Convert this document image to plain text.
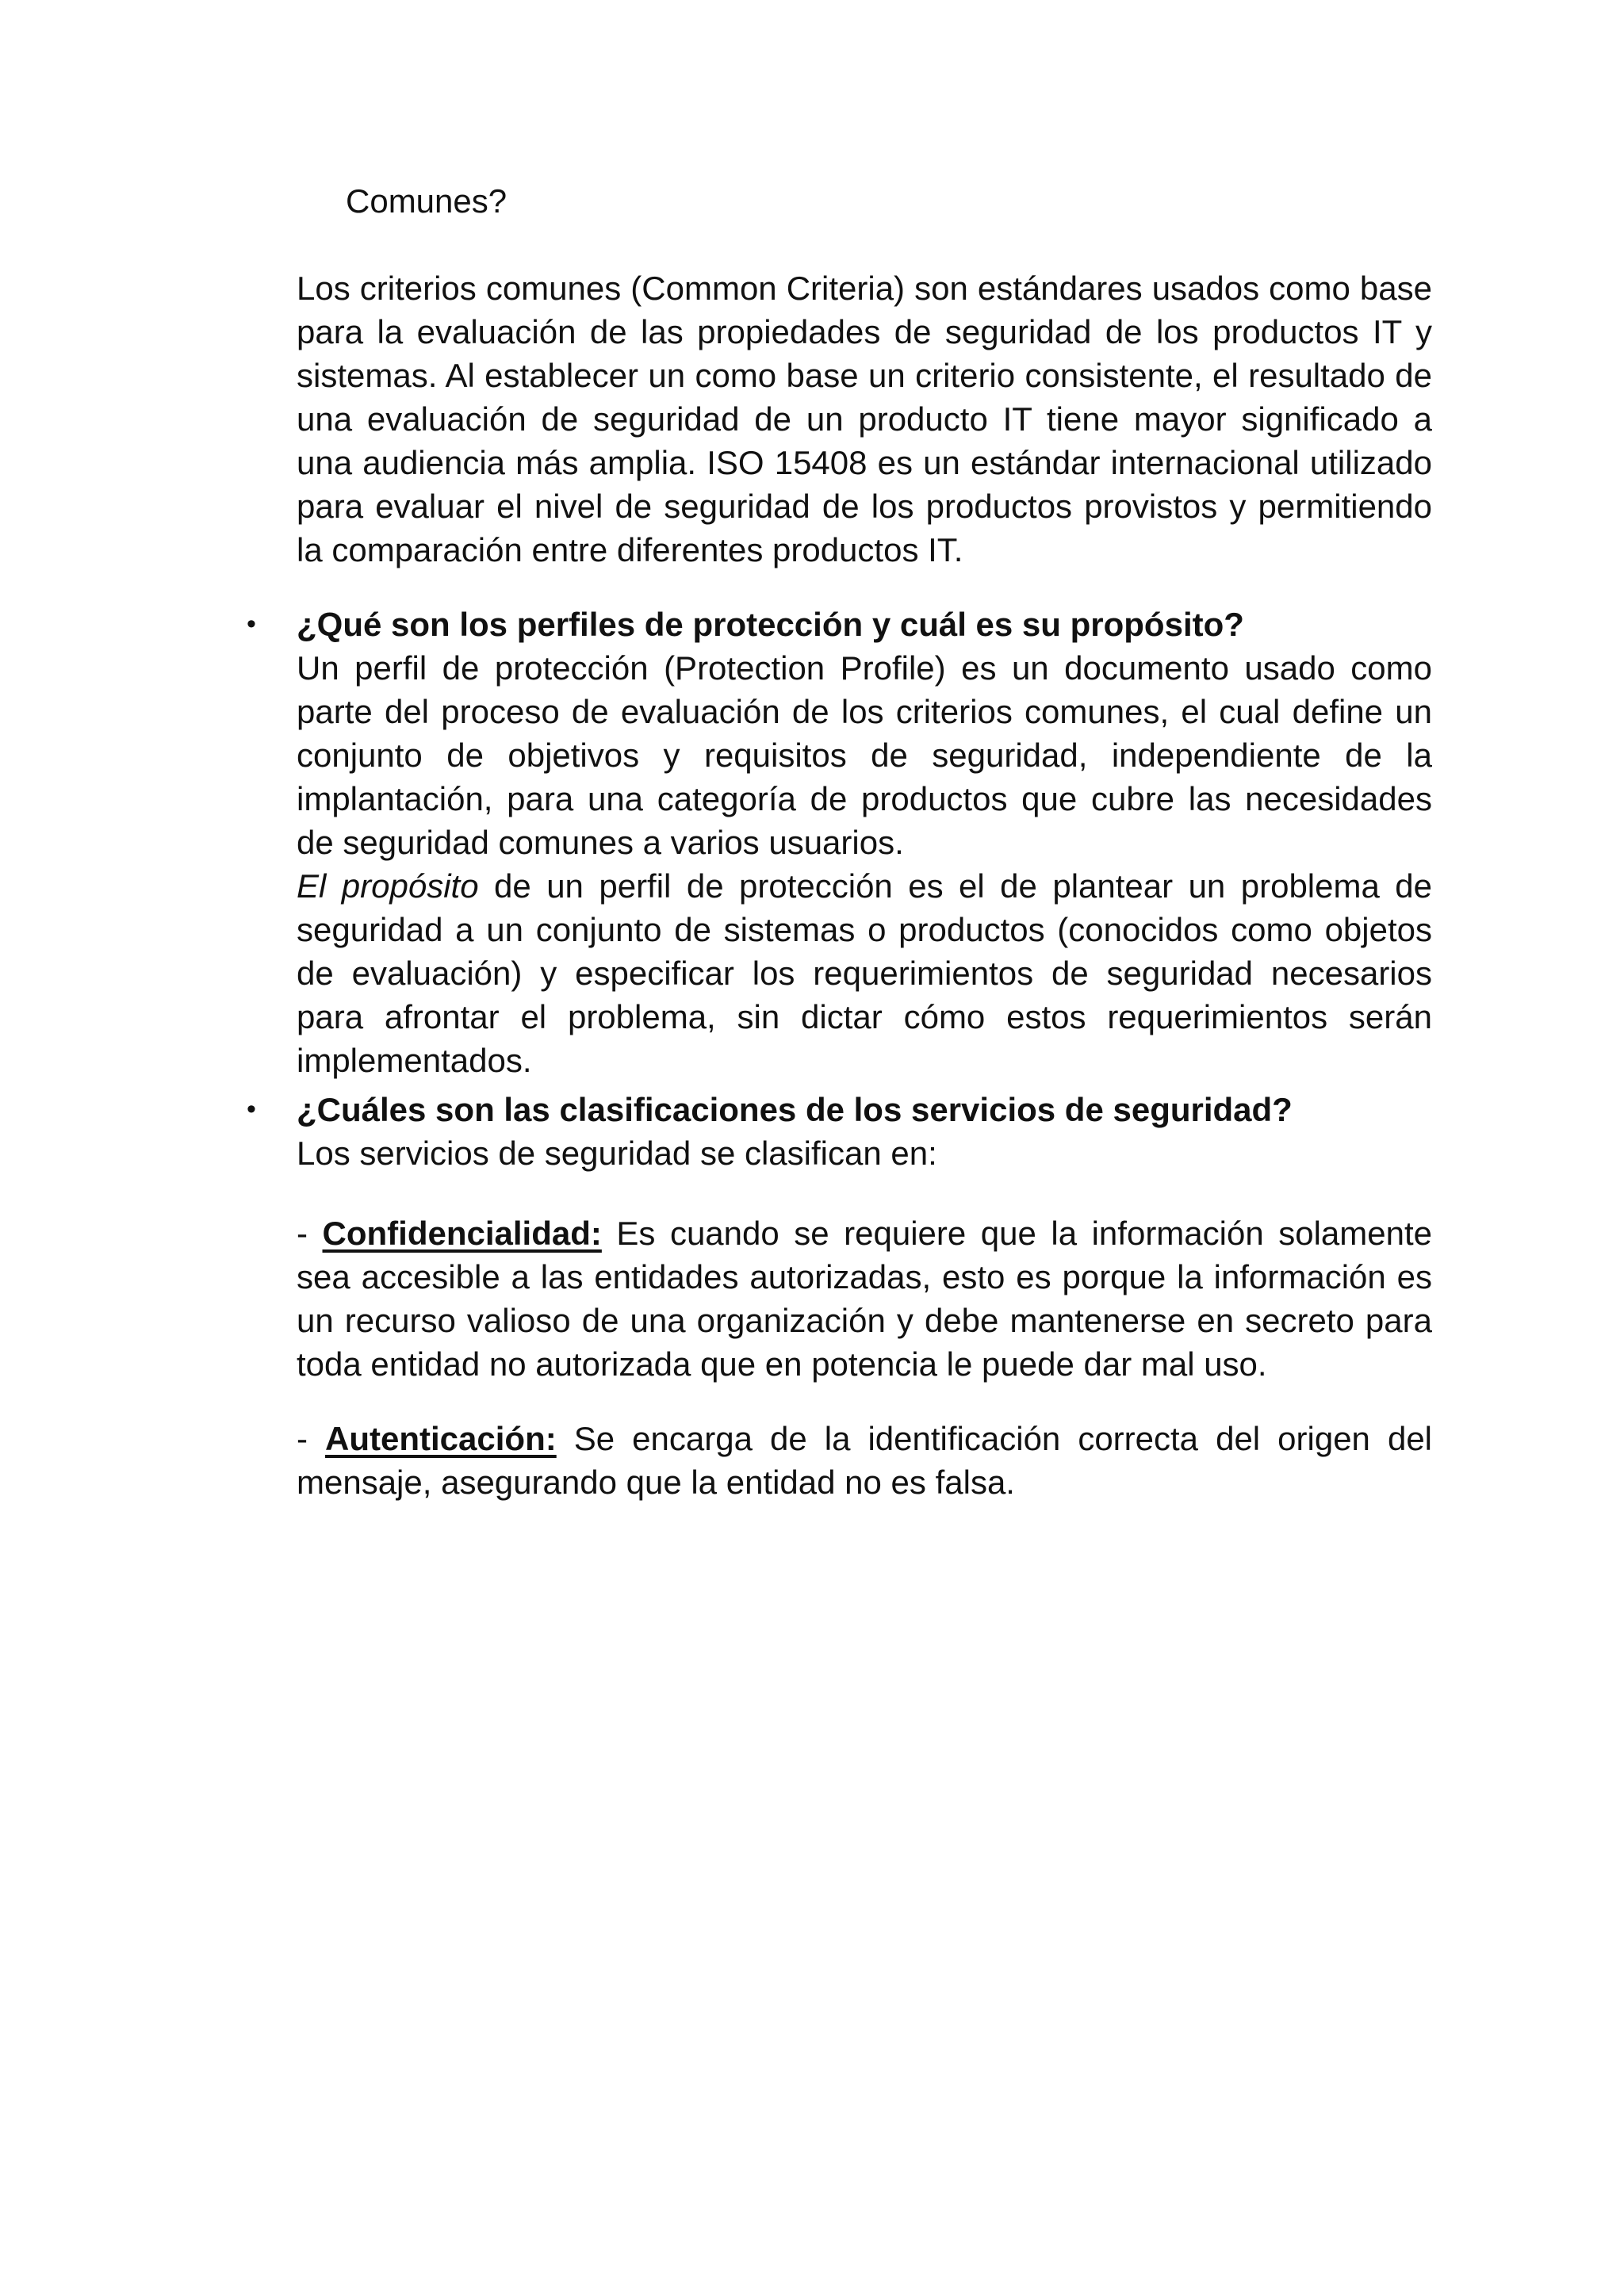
Comunes?

Los criterios comunes (Common Criteria) son estándares usados como base para la evaluación de las propiedades de seguridad de los productos IT y sistemas. Al establecer un como base un criterio consistente, el resultado de una evaluación de seguridad de un producto IT tiene mayor significado a una audiencia más amplia. ISO 15408 es un estándar internacional utilizado para evaluar el nivel de seguridad de los productos provistos y permitiendo la comparación entre diferentes productos IT.

• ¿Qué son los perfiles de protección y cuál es su propósito?

Un perfil de protección (Protection Profile) es un documento usado como parte del proceso de evaluación de los criterios comunes, el cual define un conjunto de objetivos y requisitos de seguridad, independiente de la implantación, para una categoría de productos que cubre las necesidades de seguridad comunes a varios usuarios.

El propósito de un perfil de protección es el de plantear un problema de seguridad a un conjunto de sistemas o productos (conocidos como objetos de evaluación) y especificar los requerimientos de seguridad necesarios para afrontar el problema, sin dictar cómo estos requerimientos serán implementados.

• ¿Cuáles son las clasificaciones de los servicios de seguridad?

Los servicios de seguridad se clasifican en:

- Confidencialidad: Es cuando se requiere que la información solamente sea accesible a las entidades autorizadas, esto es porque la información es un recurso valioso de una organización y debe mantenerse en secreto para toda entidad no autorizada que en potencia le puede dar mal uso.

- Autenticación: Se encarga de la identificación correcta del origen del mensaje, asegurando que la entidad no es falsa.
